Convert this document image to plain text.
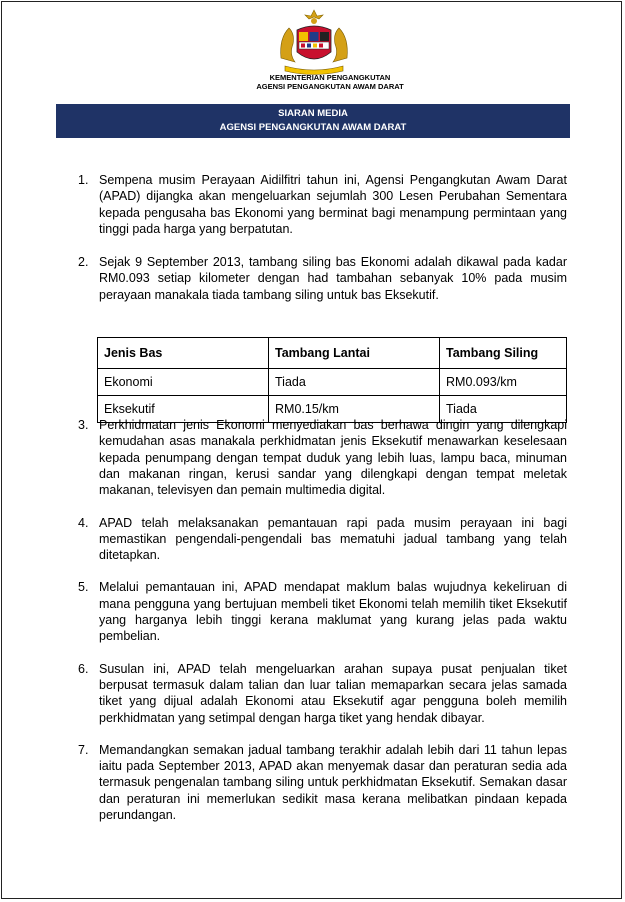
KEMENTERIAN PENGANGKUTAN
AGENSI PENGANGKUTAN AWAM DARAT
SIARAN MEDIA
AGENSI PENGANGKUTAN AWAM DARAT
1. Sempena musim Perayaan Aidilfitri tahun ini, Agensi Pengangkutan Awam Darat (APAD) dijangka akan mengeluarkan sejumlah 300 Lesen Perubahan Sementara kepada pengusaha bas Ekonomi yang berminat bagi menampung permintaan yang tinggi pada harga yang berpatutan.
2. Sejak 9 September 2013, tambang siling bas Ekonomi adalah dikawal pada kadar RM0.093 setiap kilometer dengan had tambahan sebanyak 10% pada musim perayaan manakala tiada tambang siling untuk bas Eksekutif.
3. Perkhidmatan jenis Ekonomi menyediakan bas berhawa dingin yang dilengkapi kemudahan asas manakala perkhidmatan jenis Eksekutif menawarkan keselesaan kepada penumpang dengan tempat duduk yang lebih luas, lampu baca, minuman dan makanan ringan, kerusi sandar yang dilengkapi dengan tempat meletak makanan, televisyen dan pemain multimedia digital.
4. APAD telah melaksanakan pemantauan rapi pada musim perayaan ini bagi memastikan pengendali-pengendali bas mematuhi jadual tambang yang telah ditetapkan.
5. Melalui pemantauan ini, APAD mendapat maklum balas wujudnya kekeliruan di mana pengguna yang bertujuan membeli tiket Ekonomi telah memilih tiket Eksekutif yang harganya lebih tinggi kerana maklumat yang kurang jelas pada waktu pembelian.
6. Susulan ini, APAD telah mengeluarkan arahan supaya pusat penjualan tiket berpusat termasuk dalam talian dan luar talian memaparkan secara jelas samada tiket yang dijual adalah Ekonomi atau Eksekutif agar pengguna boleh memilih perkhidmatan yang setimpal dengan harga tiket yang hendak dibayar.
7. Memandangkan semakan jadual tambang terakhir adalah lebih dari 11 tahun lepas iaitu pada September 2013, APAD akan menyemak dasar dan peraturan sedia ada termasuk pengenalan tambang siling untuk perkhidmatan Eksekutif. Semakan dasar dan peraturan ini memerlukan sedikit masa kerana melibatkan pindaan kepada perundangan.
Jenis Bas	Tambang Lantai	Tambang Siling
Ekonomi	Tiada	RM0.093/km
Eksekutif	RM0.15/km	Tiada
